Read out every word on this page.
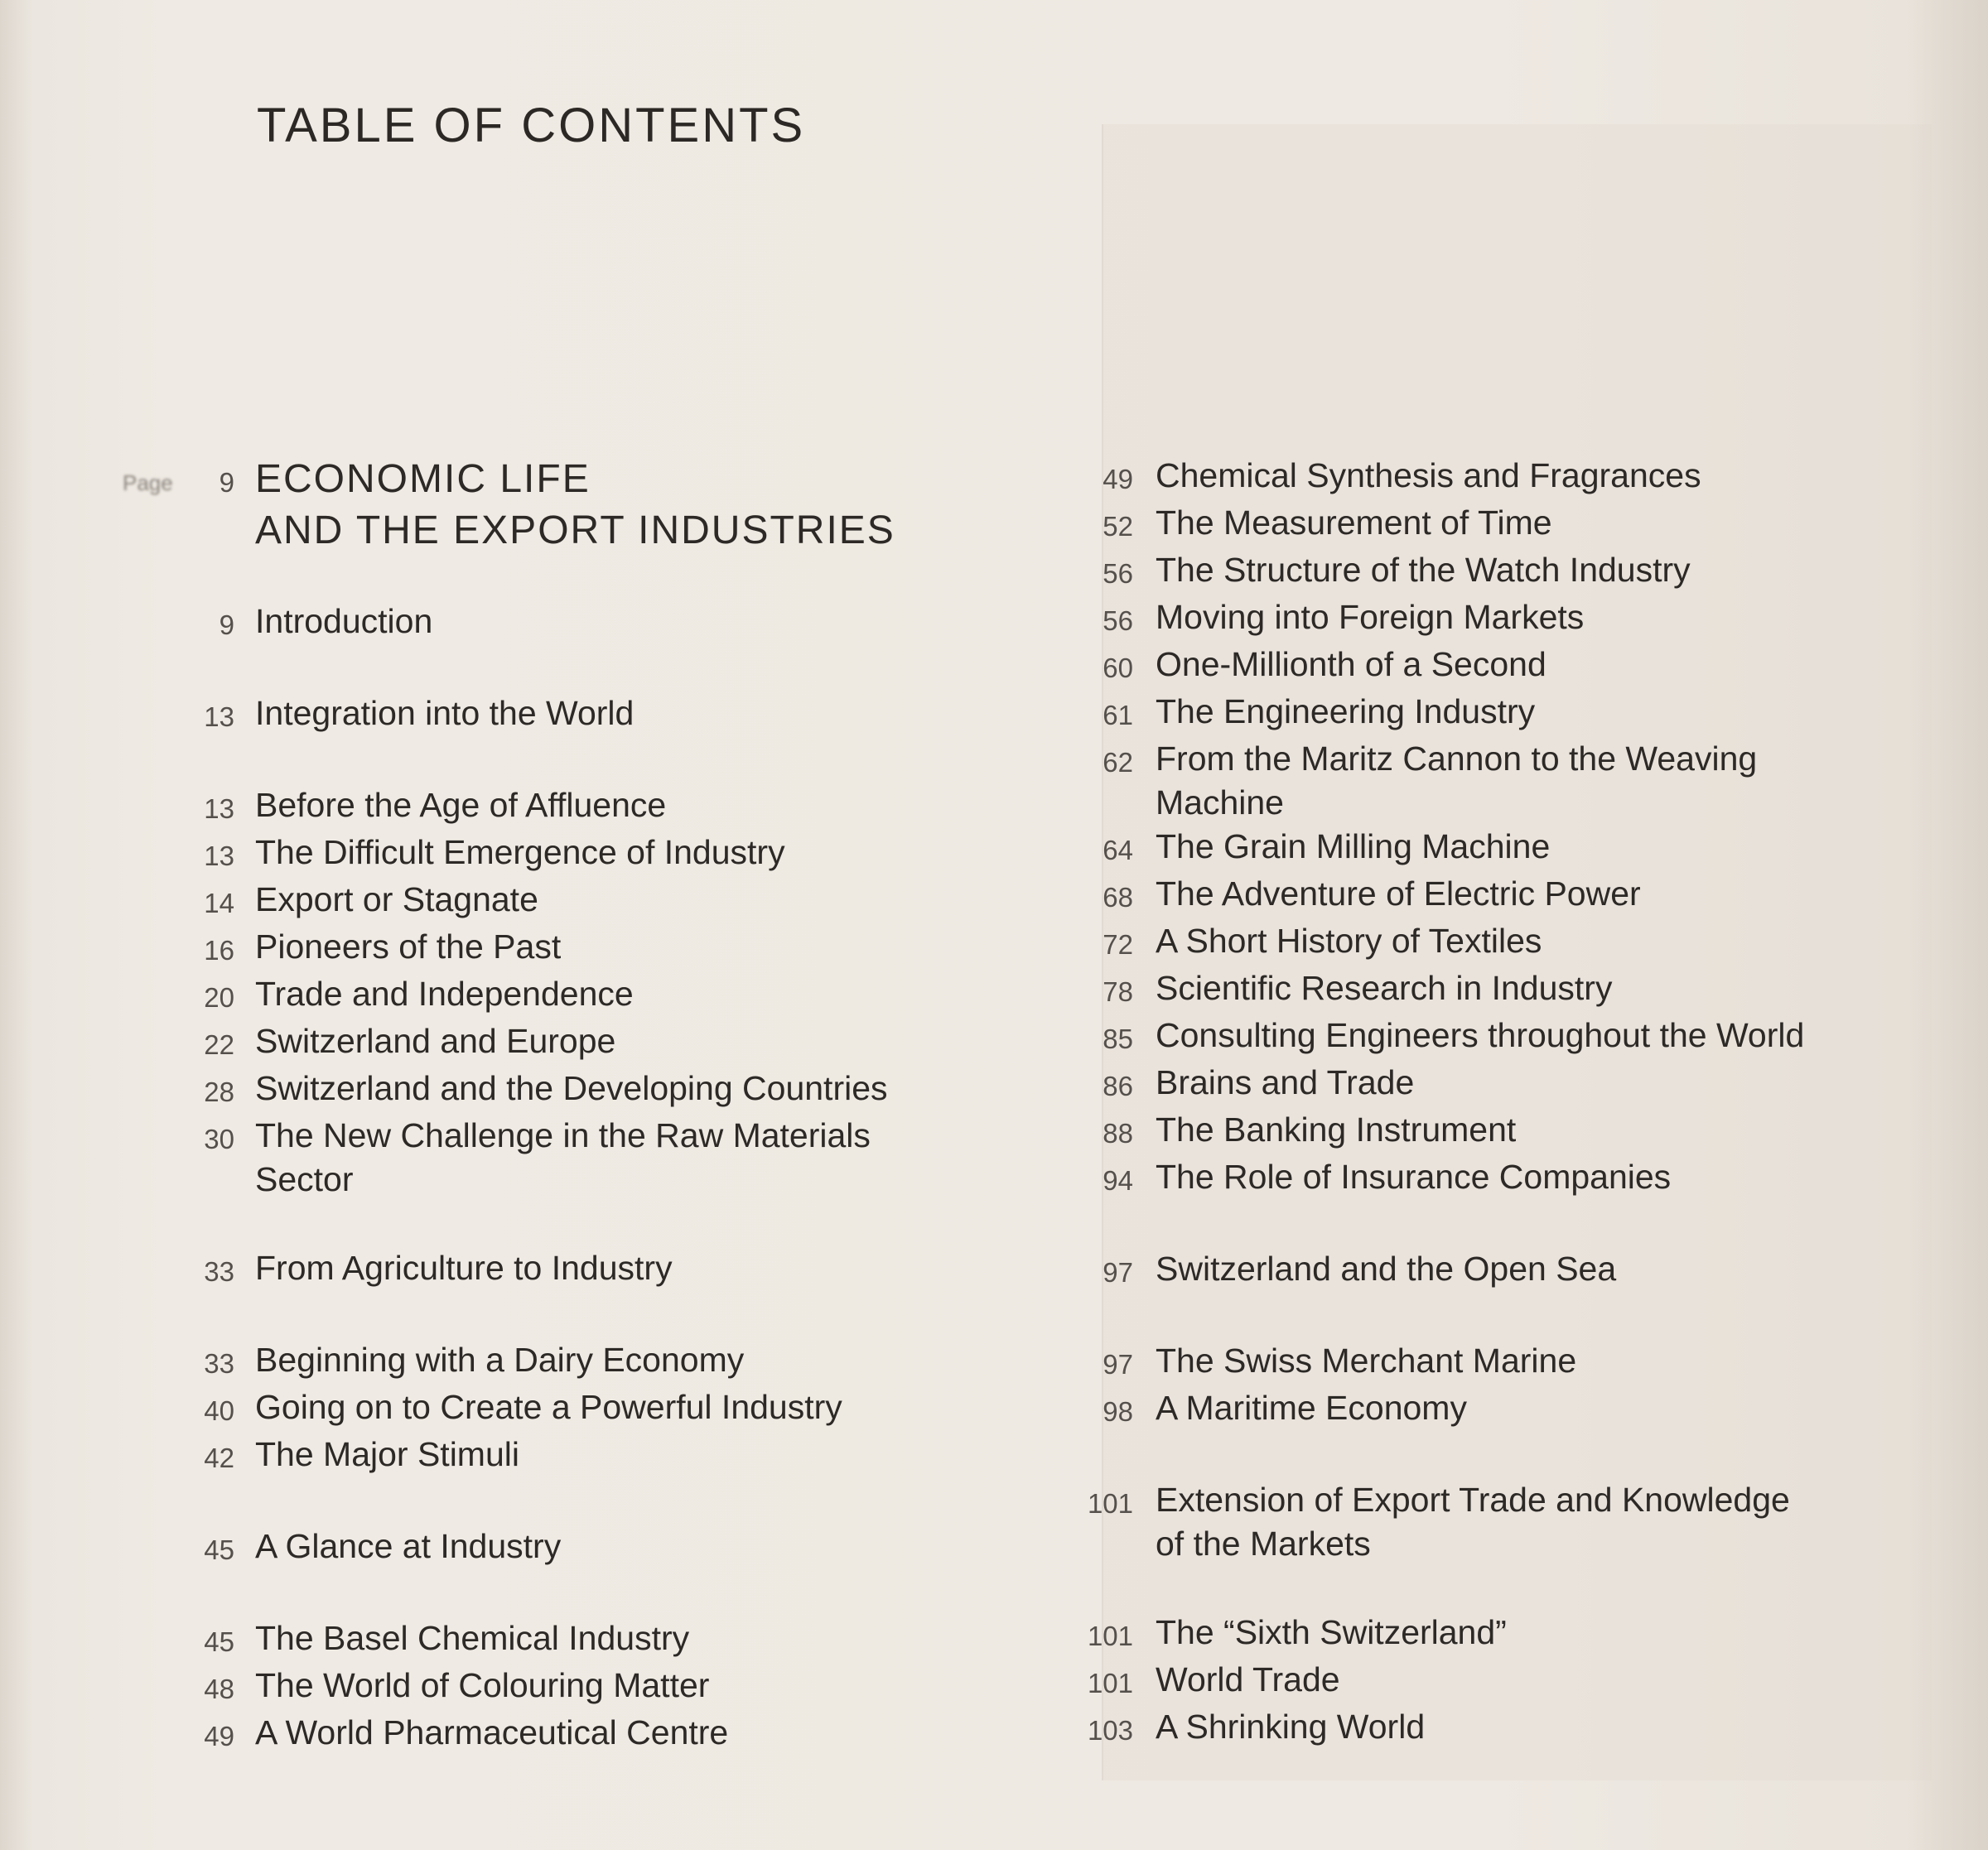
TABLE OF CONTENTS
Page	9 ECONOMIC LIFE
AND THE EXPORT INDUSTRIES
9 Introduction
13 Integration into the World
13 Before the Age of Affluence
13 The Difficult Emergence of Industry
14 Export or Stagnate
16 Pioneers of the Past
20 Trade and Independence
22 Switzerland and Europe
28 Switzerland and the Developing Countries
30 The New Challenge in the Raw Materials
Sector
33 From Agriculture to Industry
33 Beginning with a Dairy Economy
40 Going on to Create a Powerful Industry
42 The Major Stimuli
45 A Glance at Industry
45 The Basel Chemical Industry
48 The World of Colouring Matter
49 A World Pharmaceutical Centre
49 Chemical Synthesis and Fragrances
52 The Measurement of Time
56 The Structure of the Watch Industry
56 Moving into Foreign Markets
60 One-Millionth of a Second
61 The Engineering Industry
62 From the Maritz Cannon to the Weaving
Machine
64 The Grain Milling Machine
68 The Adventure of Electric Power
72 A Short History of Textiles
78 Scientific Research in Industry
85 Consulting Engineers throughout the World
86 Brains and Trade
88 The Banking Instrument
94 The Role of Insurance Companies
97 Switzerland and the Open Sea
97 The Swiss Merchant Marine
98 A Maritime Economy
101 Extension of Export Trade and Knowledge
of the Markets
101 The “Sixth Switzerland”
101 World Trade
103 A Shrinking World
